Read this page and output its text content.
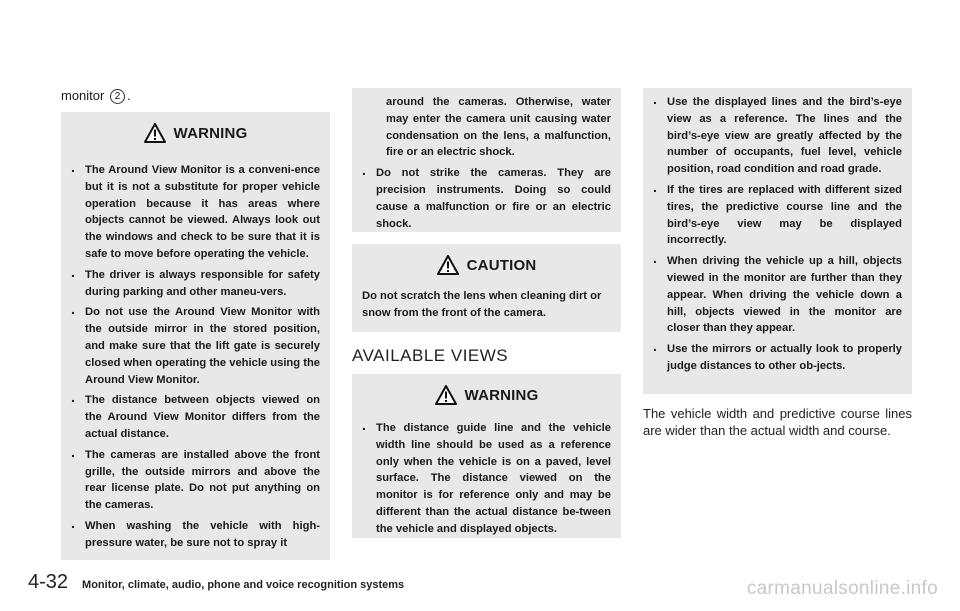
monitor 2 .
WARNING
. The Around View Monitor is a conveni-ence but it is not a substitute for proper vehicle operation because it has areas where objects cannot be viewed. Always look out the windows and check to be sure that it is safe to move before operating the vehicle.
. The driver is always responsible for safety during parking and other maneu-vers.
. Do not use the Around View Monitor with the outside mirror in the stored position, and make sure that the lift gate is securely closed when operating the vehicle using the Around View Monitor.
. The distance between objects viewed on the Around View Monitor differs from the actual distance.
. The cameras are installed above the front grille, the outside mirrors and above the rear license plate. Do not put anything on the cameras.
. When washing the vehicle with high-pressure water, be sure not to spray it
around the cameras. Otherwise, water may enter the camera unit causing water condensation on the lens, a malfunction, fire or an electric shock.
. Do not strike the cameras. They are precision instruments. Doing so could cause a malfunction or fire or an electric shock.
CAUTION
Do not scratch the lens when cleaning dirt or snow from the front of the camera.
AVAILABLE VIEWS
WARNING
. The distance guide line and the vehicle width line should be used as a reference only when the vehicle is on a paved, level surface. The distance viewed on the monitor is for reference only and may be different than the actual distance be-tween the vehicle and displayed objects.
. Use the displayed lines and the bird’s-eye view as a reference. The lines and the bird’s-eye view are greatly affected by the number of occupants, fuel level, vehicle position, road condition and road grade.
. If the tires are replaced with different sized tires, the predictive course line and the bird’s-eye view may be displayed incorrectly.
. When driving the vehicle up a hill, objects viewed in the monitor are further than they appear. When driving the vehicle down a hill, objects viewed in the monitor are closer than they appear.
. Use the mirrors or actually look to properly judge distances to other ob-jects.
The vehicle width and predictive course lines are wider than the actual width and course.
4-32 Monitor, climate, audio, phone and voice recognition systems	carmanualsonline.info
